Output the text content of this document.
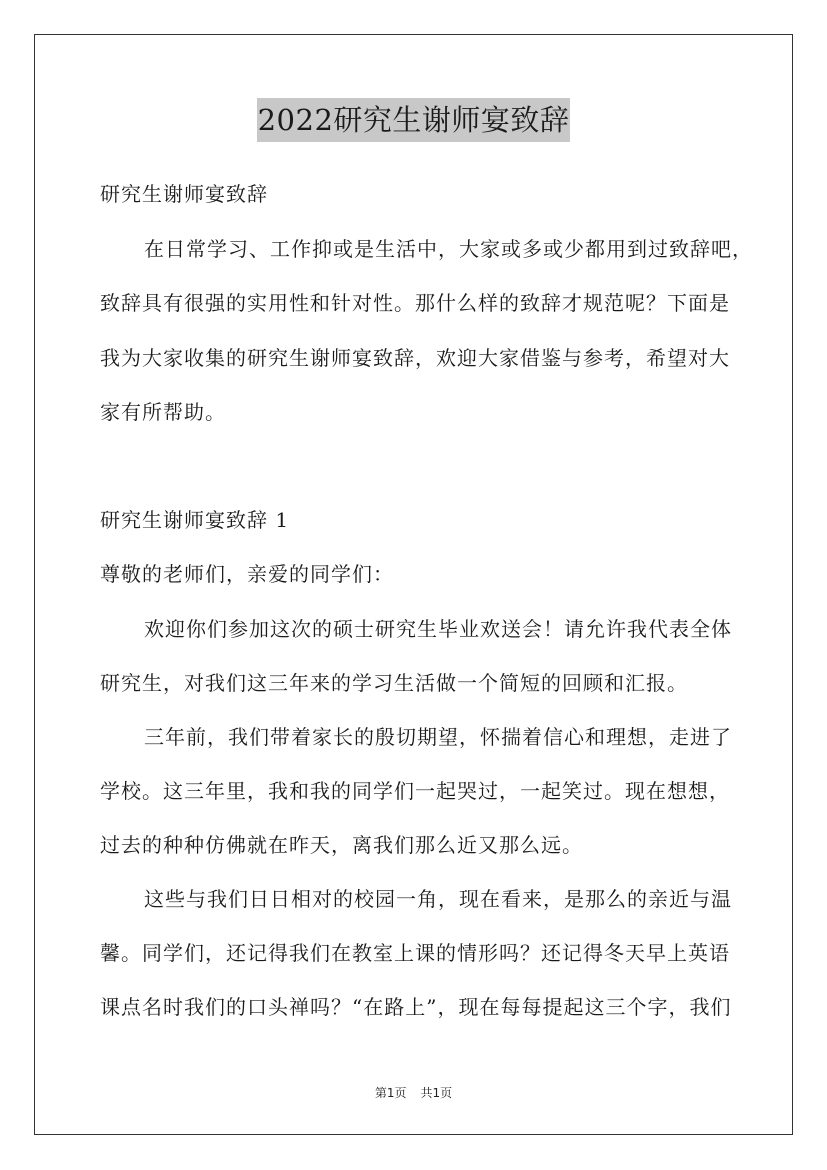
2022研究生谢师宴致辞
研究生谢师宴致辞
在日常学习、工作抑或是生活中，大家或多或少都用到过致辞吧，
致辞具有很强的实用性和针对性。那什么样的致辞才规范呢？下面是
我为大家收集的研究生谢师宴致辞，欢迎大家借鉴与参考，希望对大
家有所帮助。
研究生谢师宴致辞 1
尊敬的老师们，亲爱的同学们：
欢迎你们参加这次的硕士研究生毕业欢送会！请允许我代表全体
研究生，对我们这三年来的学习生活做一个简短的回顾和汇报。
三年前，我们带着家长的殷切期望，怀揣着信心和理想，走进了
学校。这三年里，我和我的同学们一起哭过，一起笑过。现在想想，
过去的种种仿佛就在昨天，离我们那么近又那么远。
这些与我们日日相对的校园一角，现在看来，是那么的亲近与温
馨。同学们，还记得我们在教室上课的情形吗？还记得冬天早上英语
课点名时我们的口头禅吗？“在路上”，现在每每提起这三个字，我们
第1页 共1页
